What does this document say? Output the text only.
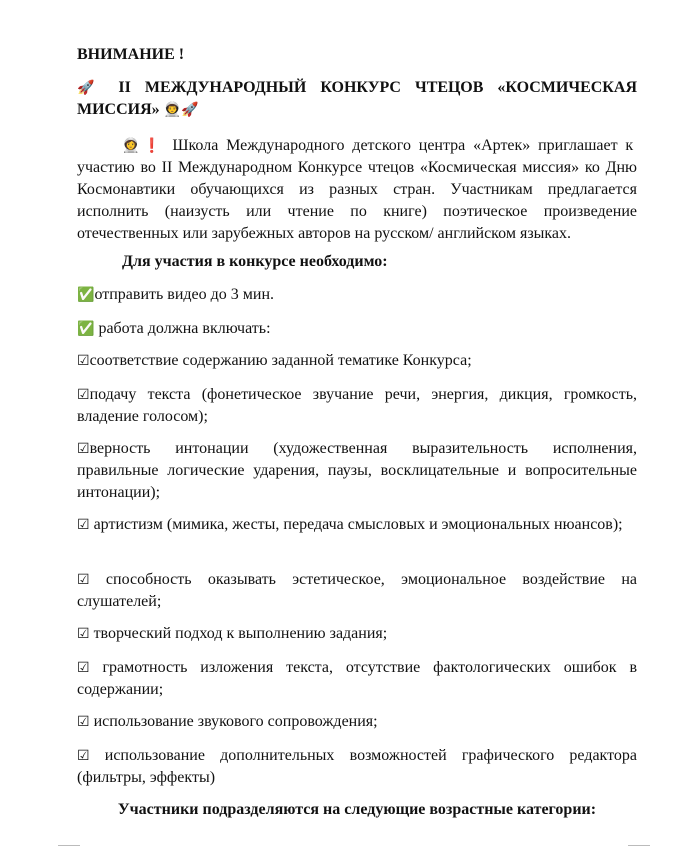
ВНИМАНИЕ !

🚀 II МЕЖДУНАРОДНЫЙ КОНКУРС ЧТЕЦОВ «КОСМИЧЕСКАЯ МИССИЯ» 👨‍🚀🚀

👩‍🚀❗ Школа Международного детского центра «Артек» приглашает к участию во II Международном Конкурсе чтецов «Космическая миссия» ко Дню Космонавтики обучающихся из разных стран. Участникам предлагается исполнить (наизусть или чтение по книге) поэтическое произведение отечественных или зарубежных авторов на русском/ английском языках.

Для участия в конкурсе необходимо:

✅отправить видео до 3 мин.

✅ работа должна включать:

☑соответствие содержанию заданной тематике Конкурса;

☑подачу текста (фонетическое звучание речи, энергия, дикция, громкость, владение голосом);

☑верность интонации (художественная выразительность исполнения, правильные логические ударения, паузы, восклицательные и вопросительные интонации);

☑ артистизм (мимика, жесты, передача смысловых и эмоциональных нюансов);

☑ способность оказывать эстетическое, эмоциональное воздействие на слушателей;

☑ творческий подход к выполнению задания;

☑ грамотность изложения текста, отсутствие фактологических ошибок в содержании;

☑ использование звукового сопровождения;

☑ использование дополнительных возможностей графического редактора (фильтры, эффекты)

Участники подразделяются на следующие возрастные категории:
